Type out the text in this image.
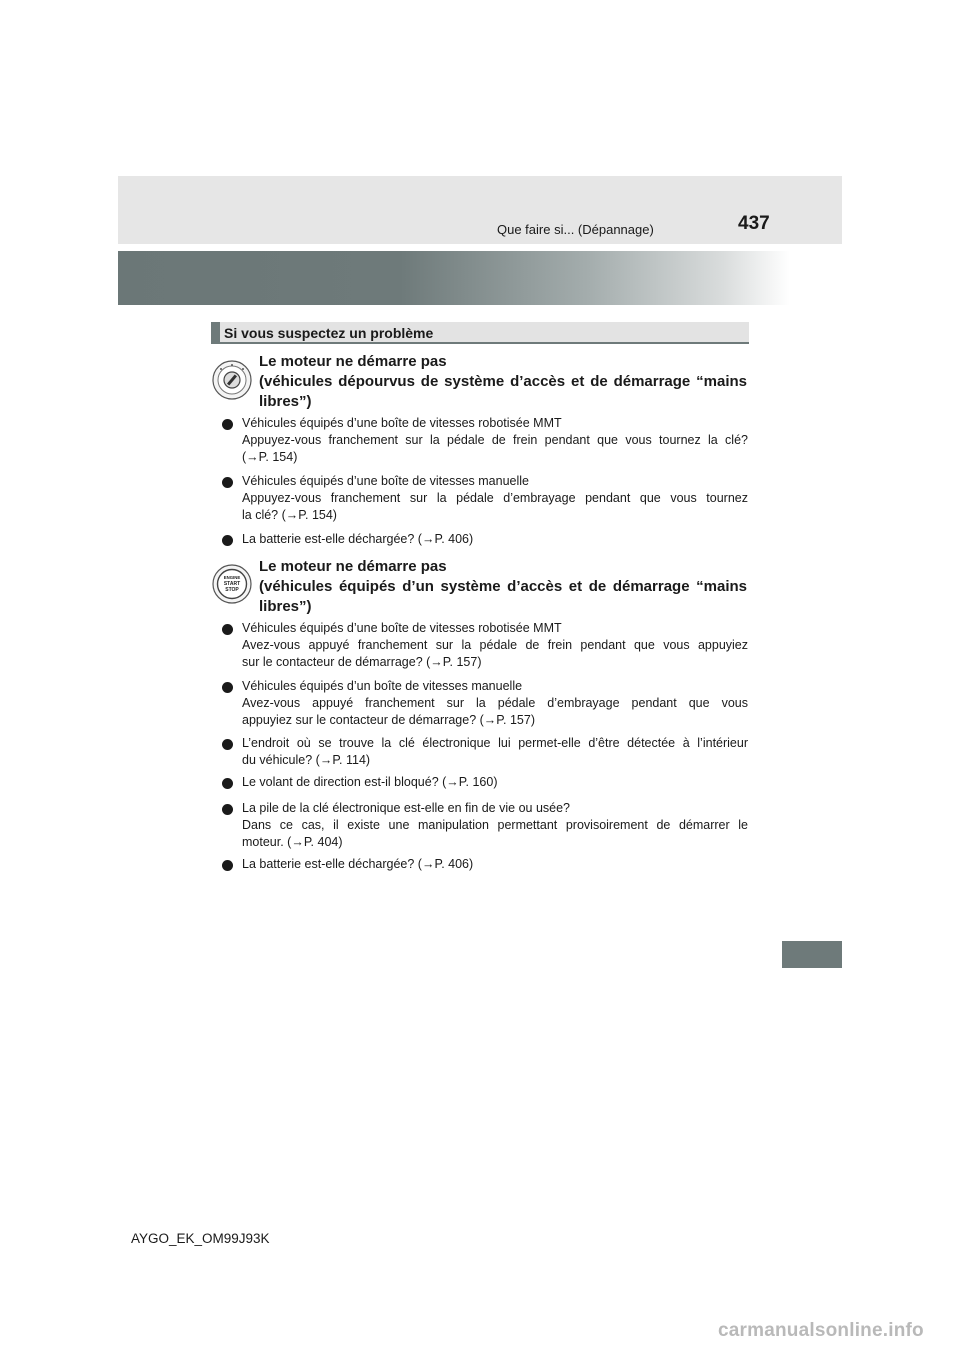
Que faire si... (Dépannage)	437
Si vous suspectez un problème
Le moteur ne démarre pas
(véhicules dépourvus de système d’accès et de démarrage “mains
libres”)
Véhicules équipés d’une boîte de vitesses robotisée MMT
Appuyez-vous franchement sur la pédale de frein pendant que vous tournez la clé?
(→P. 154)
Véhicules équipés d’une boîte de vitesses manuelle
Appuyez-vous franchement sur la pédale d’embrayage pendant que vous tournez
la clé? (→P. 154)
La batterie est-elle déchargée? (→P. 406)
ENGINE
START
STOP
Le moteur ne démarre pas
(véhicules équipés d’un système d’accès et de démarrage “mains
libres”)
Véhicules équipés d’une boîte de vitesses robotisée MMT
Avez-vous appuyé franchement sur la pédale de frein pendant que vous appuyiez
sur le contacteur de démarrage? (→P. 157)
Véhicules équipés d’un boîte de vitesses manuelle
Avez-vous appuyé franchement sur la pédale d’embrayage pendant que vous
appuyiez sur le contacteur de démarrage? (→P. 157)
L’endroit où se trouve la clé électronique lui permet-elle d’être détectée à l’intérieur
du véhicule? (→P. 114)
Le volant de direction est-il bloqué? (→P. 160)
La pile de la clé électronique est-elle en fin de vie ou usée?
Dans ce cas, il existe une manipulation permettant provisoirement de démarrer le
moteur. (→P. 404)
La batterie est-elle déchargée? (→P. 406)
AYGO_EK_OM99J93K
carmanualsonline.info
